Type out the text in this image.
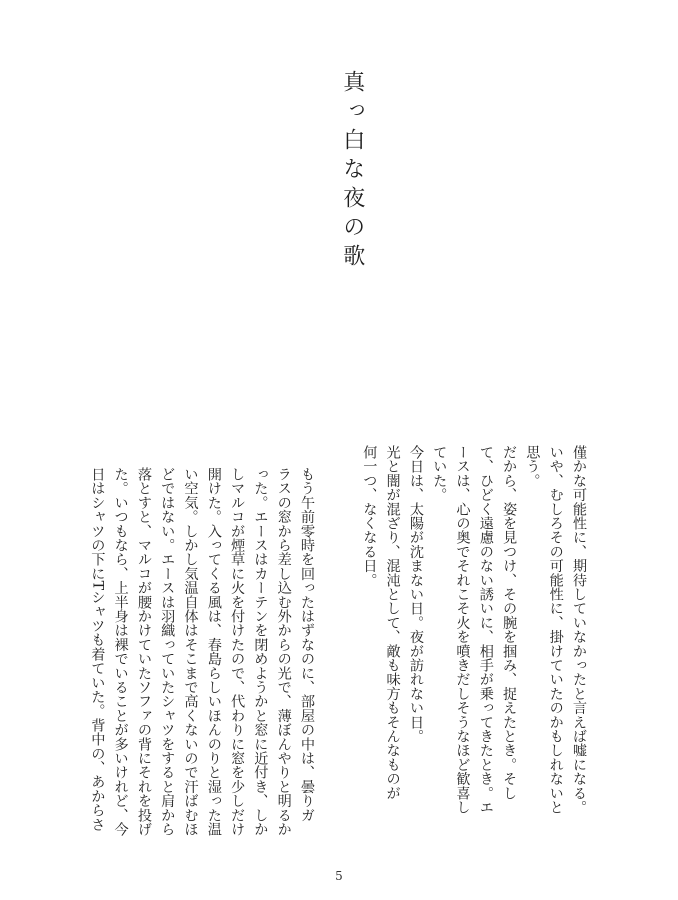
真っ白な夜の歌

僅かな可能性に、期待していなかったと言えば嘘になる。

いや、むしろその可能性に、掛けていたのかもしれないと

思う。

だから、姿を見つけ、その腕を掴み、捉えたとき。そし

て、ひどく遠慮のない誘いに、相手が乗ってきたとき。エ

ースは、心の奥でそれこそ火を噴きだしそうなほど歓喜し

ていた。

今日は、太陽が沈まない日。夜が訪れない日。

光と闇が混ざり、混沌として、敵も味方もそんなものが

何一つ、なくなる日。

もう午前零時を回ったはずなのに、部屋の中は、曇りガ

ラスの窓から差し込む外からの光で、薄ぼんやりと明るか

った。エースはカーテンを閉めようかと窓に近付き、しか

しマルコが煙草に火を付けたので、代わりに窓を少しだけ

開けた。入ってくる風は、春島らしいほんのりと湿った温

い空気。しかし気温自体はそこまで高くないので汗ばむほ

どではない。エースは羽織っていたシャツをすると肩から

落とすと、マルコが腰かけていたソファの背にそれを投げ

た。いつもなら、上半身は裸でいることが多いけれど、今

日はシャツの下にTシャツも着ていた。背中の、あからさ

5
